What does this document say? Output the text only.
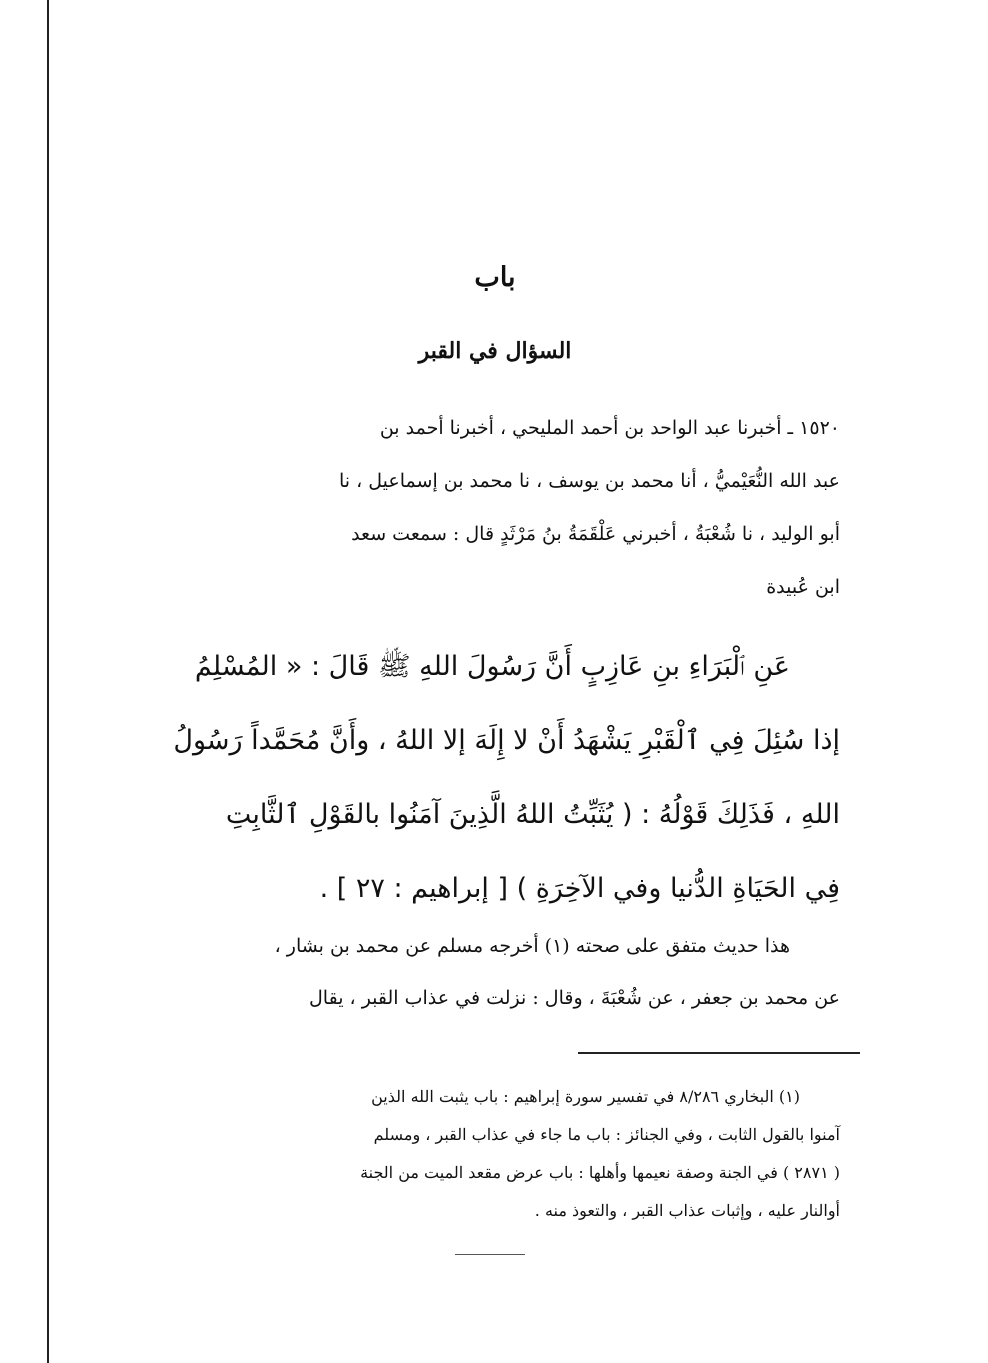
باب
السؤال في القبر
١٥٢٠ ـ أخبرنا عبد الواحد بن أحمد المليحي ، أخبرنا أحمد بن
عبد الله النُّعَيْميُّ ، أنا محمد بن يوسف ، نا محمد بن إسماعيل ، نا
أبو الوليد ، نا شُعْبَةُ ، أخبرني عَلْقَمَةُ بنُ مَرْثَدٍ قال : سمعت سعد
ابن عُبيدة
عَنِ ٱلْبَرَاءِ بنِ عَازِبٍ أَنَّ رَسُولَ اللهِ ﷺ قَالَ : « المُسْلِمُ
إذا سُئِلَ فِي ٱلْقَبْرِ يَشْهَدُ أَنْ لا إِلَهَ إلا اللهُ ، وأَنَّ مُحَمَّداً رَسُولُ
اللهِ ، فَذَلِكَ قَوْلُهُ : ( يُثَبِّتُ اللهُ الَّذِينَ آمَنُوا بالقَوْلِ ٱلثَّابِتِ
فِي الحَيَاةِ الدُّنيا وفي الآخِرَةِ ) [ إبراهيم : ٢٧ ] .
هذا حديث متفق على صحته (١) أخرجه مسلم عن محمد بن بشار ،
عن محمد بن جعفر ، عن شُعْبَةَ ، وقال : نزلت في عذاب القبر ، يقال
(١) البخاري ٨/٢٨٦ في تفسير سورة إبراهيم : باب يثبت الله الذين
آمنوا بالقول الثابت ، وفي الجنائز : باب ما جاء في عذاب القبر ، ومسلم
( ٢٨٧١ ) في الجنة وصفة نعيمها وأهلها : باب عرض مقعد الميت من الجنة
أوالنار عليه ، وإثبات عذاب القبر ، والتعوذ منه .
